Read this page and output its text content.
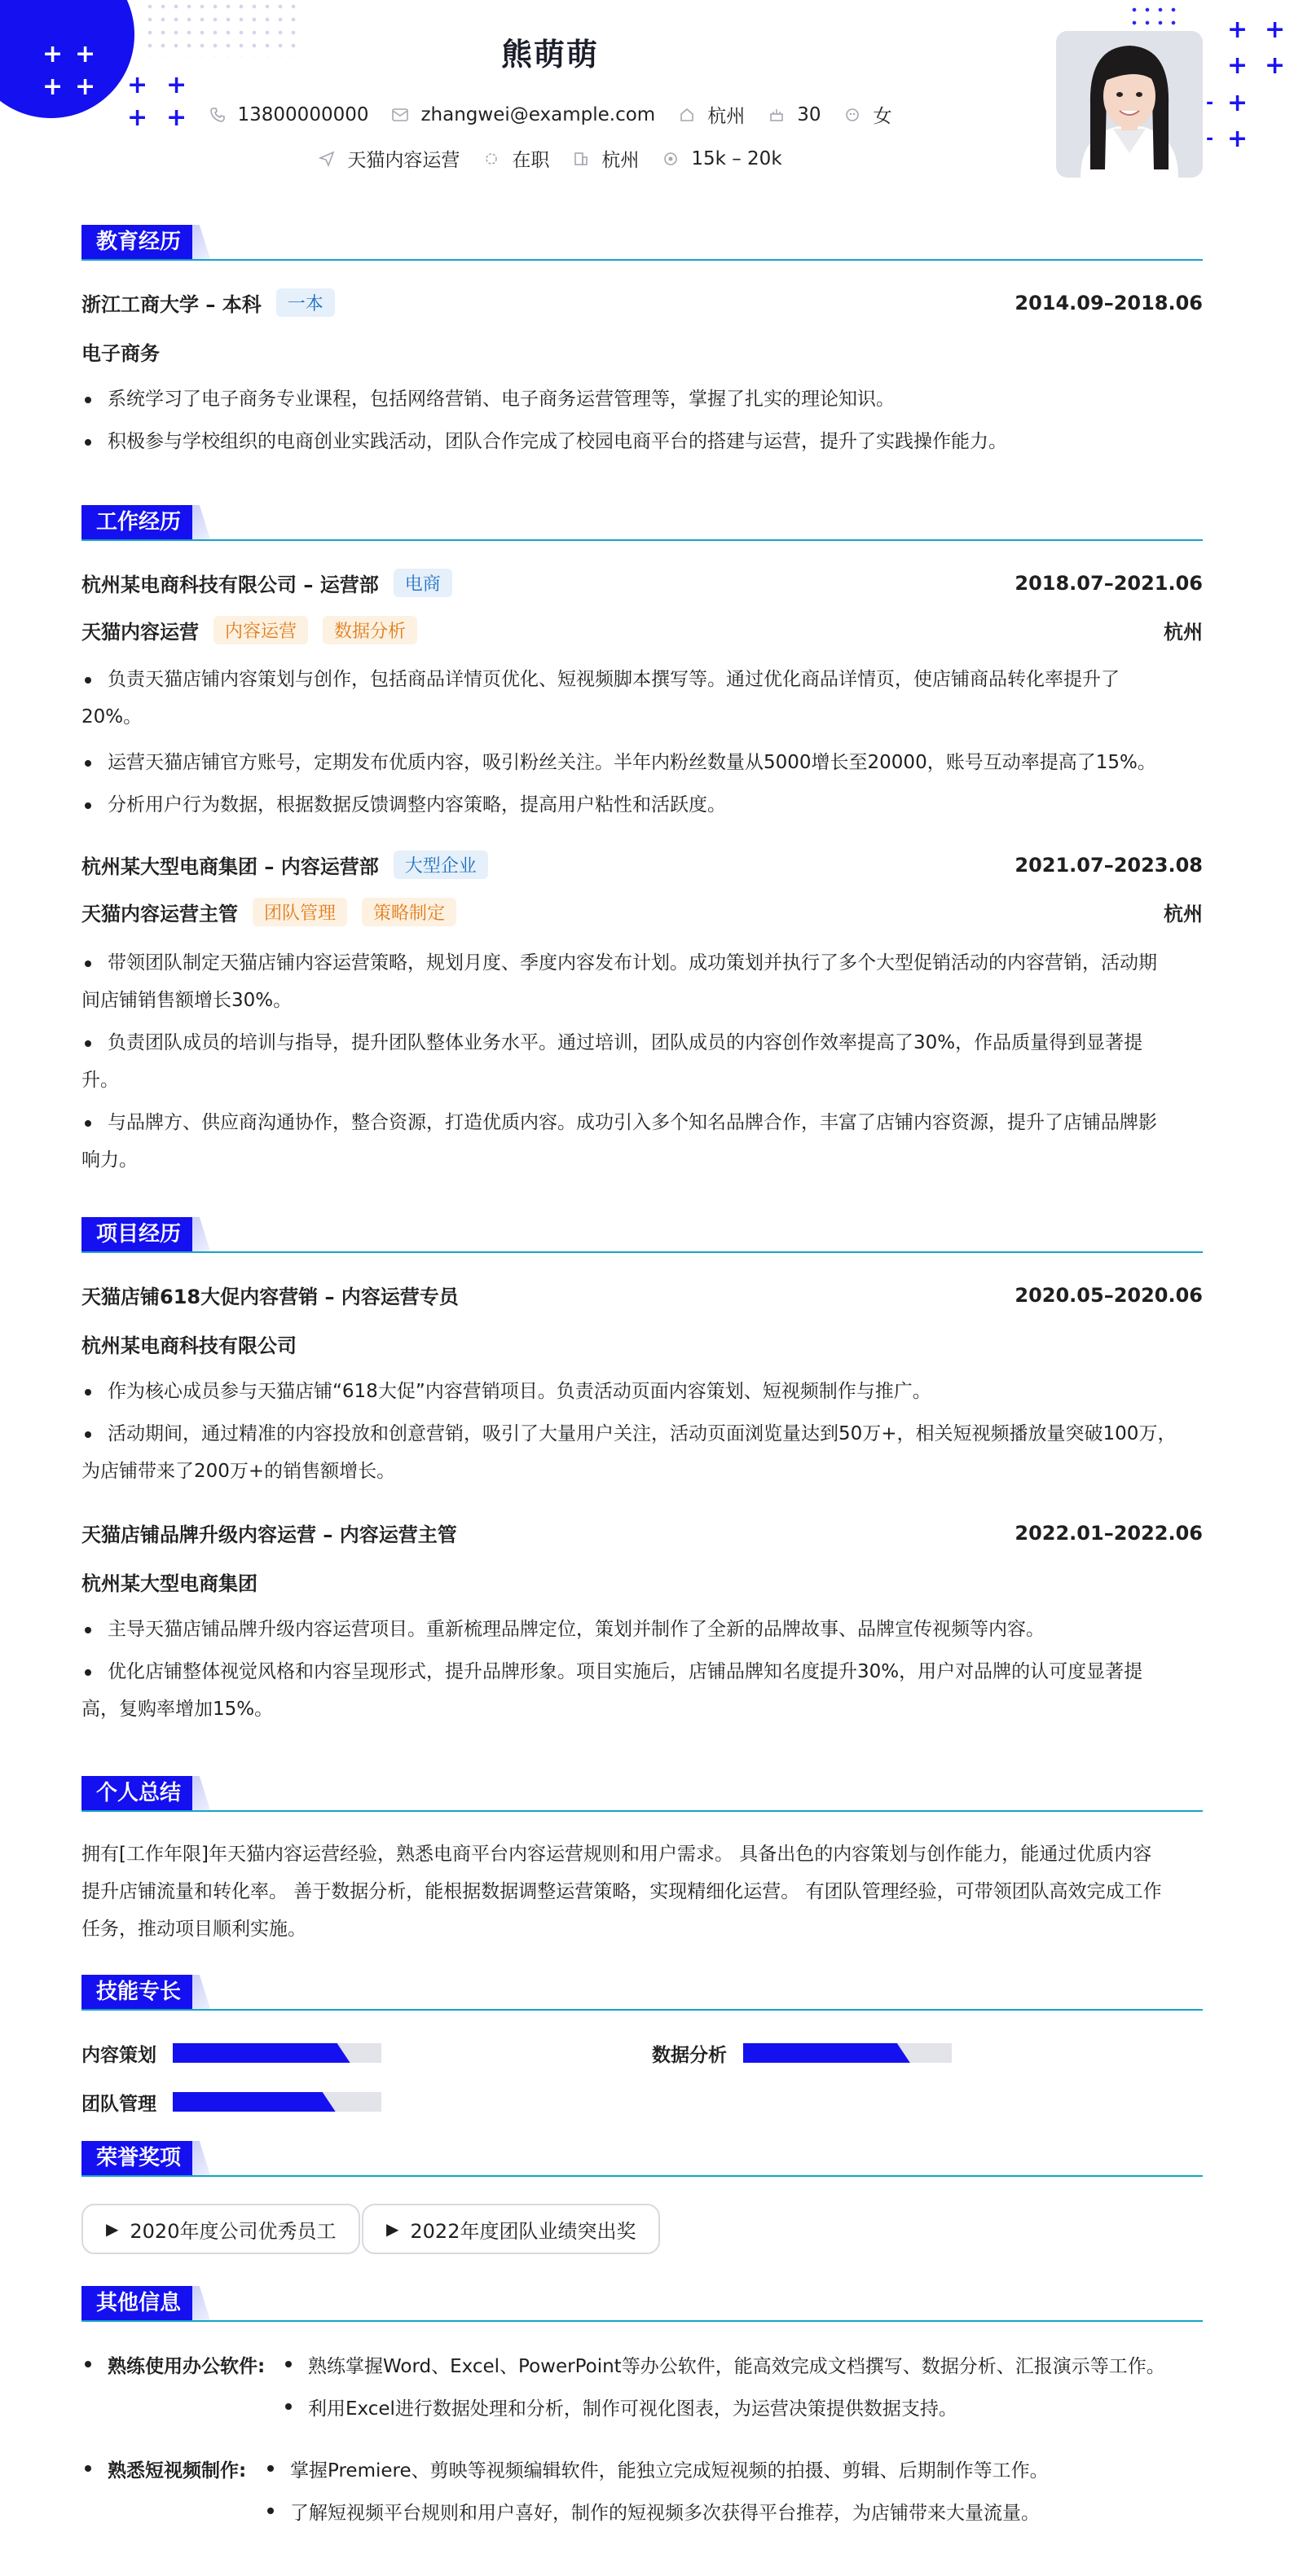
+ +
+ + + +
+ +
+ +
+ +
+
+
-
-
熊萌萌
13800000000	zhangwei@example.com	杭州	30	女
天猫内容运营	在职	杭州	15k – 20k
教育经历
浙江工商大学 – 本科	一本	2014.09–2018.06
电子商务
系统学习了电子商务专业课程，包括网络营销、电子商务运营管理等，掌握了扎实的理论知识。
积极参与学校组织的电商创业实践活动，团队合作完成了校园电商平台的搭建与运营，提升了实践操作能力。
工作经历
杭州某电商科技有限公司 – 运营部	电商	2018.07–2021.06
天猫内容运营	内容运营	数据分析	杭州
负责天猫店铺内容策划与创作，包括商品详情页优化、短视频脚本撰写等。通过优化商品详情页，使店铺商品转化率提升了
20%。
运营天猫店铺官方账号，定期发布优质内容，吸引粉丝关注。半年内粉丝数量从5000增长至20000，账号互动率提高了15%。
分析用户行为数据，根据数据反馈调整内容策略，提高用户粘性和活跃度。
杭州某大型电商集团 – 内容运营部	大型企业	2021.07–2023.08
天猫内容运营主管	团队管理	策略制定	杭州
带领团队制定天猫店铺内容运营策略，规划月度、季度内容发布计划。成功策划并执行了多个大型促销活动的内容营销，活动期
间店铺销售额增长30%。
负责团队成员的培训与指导，提升团队整体业务水平。通过培训，团队成员的内容创作效率提高了30%，作品质量得到显著提
升。
与品牌方、供应商沟通协作，整合资源，打造优质内容。成功引入多个知名品牌合作，丰富了店铺内容资源，提升了店铺品牌影
响力。
项目经历
天猫店铺618大促内容营销 – 内容运营专员	2020.05–2020.06
杭州某电商科技有限公司
作为核心成员参与天猫店铺“618大促”内容营销项目。负责活动页面内容策划、短视频制作与推广。
活动期间，通过精准的内容投放和创意营销，吸引了大量用户关注，活动页面浏览量达到50万+，相关短视频播放量突破100万，
为店铺带来了200万+的销售额增长。
天猫店铺品牌升级内容运营 – 内容运营主管	2022.01–2022.06
杭州某大型电商集团
主导天猫店铺品牌升级内容运营项目。重新梳理品牌定位，策划并制作了全新的品牌故事、品牌宣传视频等内容。
优化店铺整体视觉风格和内容呈现形式，提升品牌形象。项目实施后，店铺品牌知名度提升30%，用户对品牌的认可度显著提
高，复购率增加15%。
个人总结
拥有[工作年限]年天猫内容运营经验，熟悉电商平台内容运营规则和用户需求。 具备出色的内容策划与创作能力，能通过优质内容
提升店铺流量和转化率。 善于数据分析，能根据数据调整运营策略，实现精细化运营。 有团队管理经验，可带领团队高效完成工作
任务，推动项目顺利实施。
技能专长
内容策划	数据分析
团队管理
荣誉奖项
▶ 2020年度公司优秀员工	▶ 2022年度团队业绩突出奖
其他信息
熟练使用办公软件:	熟练掌握Word、Excel、PowerPoint等办公软件，能高效完成文档撰写、数据分析、汇报演示等工作。
利用Excel进行数据处理和分析，制作可视化图表，为运营决策提供数据支持。
熟悉短视频制作:	掌握Premiere、剪映等视频编辑软件，能独立完成短视频的拍摄、剪辑、后期制作等工作。
了解短视频平台规则和用户喜好，制作的短视频多次获得平台推荐，为店铺带来大量流量。
